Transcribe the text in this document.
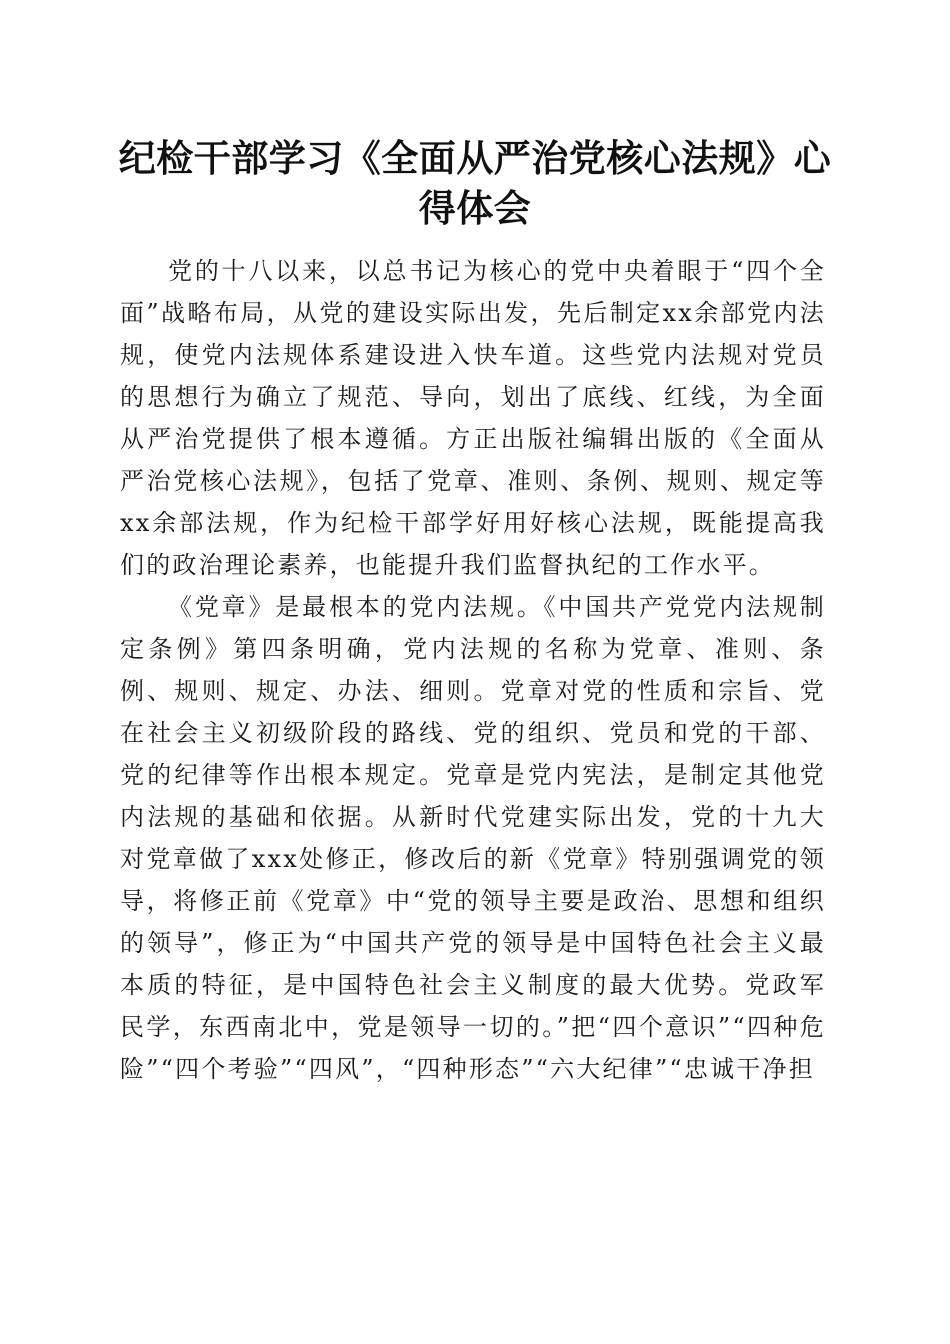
纪检干部学习《全面从严治党核心法规》心得体会

党的十八以来，以总书记为核心的党中央着眼于“四个全面”战略布局，从党的建设实际出发，先后制定xx余部党内法规，使党内法规体系建设进入快车道。这些党内法规对党员的思想行为确立了规范、导向，划出了底线、红线，为全面从严治党提供了根本遵循。方正出版社编辑出版的《全面从严治党核心法规》，包括了党章、准则、条例、规则、规定等xx余部法规，作为纪检干部学好用好核心法规，既能提高我们的政治理论素养，也能提升我们监督执纪的工作水平。

《党章》是最根本的党内法规。《中国共产党党内法规制定条例》第四条明确，党内法规的名称为党章、准则、条例、规则、规定、办法、细则。党章对党的性质和宗旨、党在社会主义初级阶段的路线、党的组织、党员和党的干部、党的纪律等作出根本规定。党章是党内宪法，是制定其他党内法规的基础和依据。从新时代党建实际出发，党的十九大对党章做了xxx处修正，修改后的新《党章》特别强调党的领导，将修正前《党章》中“党的领导主要是政治、思想和组织的领导”，修正为“中国共产党的领导是中国特色社会主义最本质的特征，是中国特色社会主义制度的最大优势。党政军民学，东西南北中，党是领导一切的。”把“四个意识”“四种危险”“四个考验”“四风”，“四种形态”“六大纪律”“忠诚干净担
